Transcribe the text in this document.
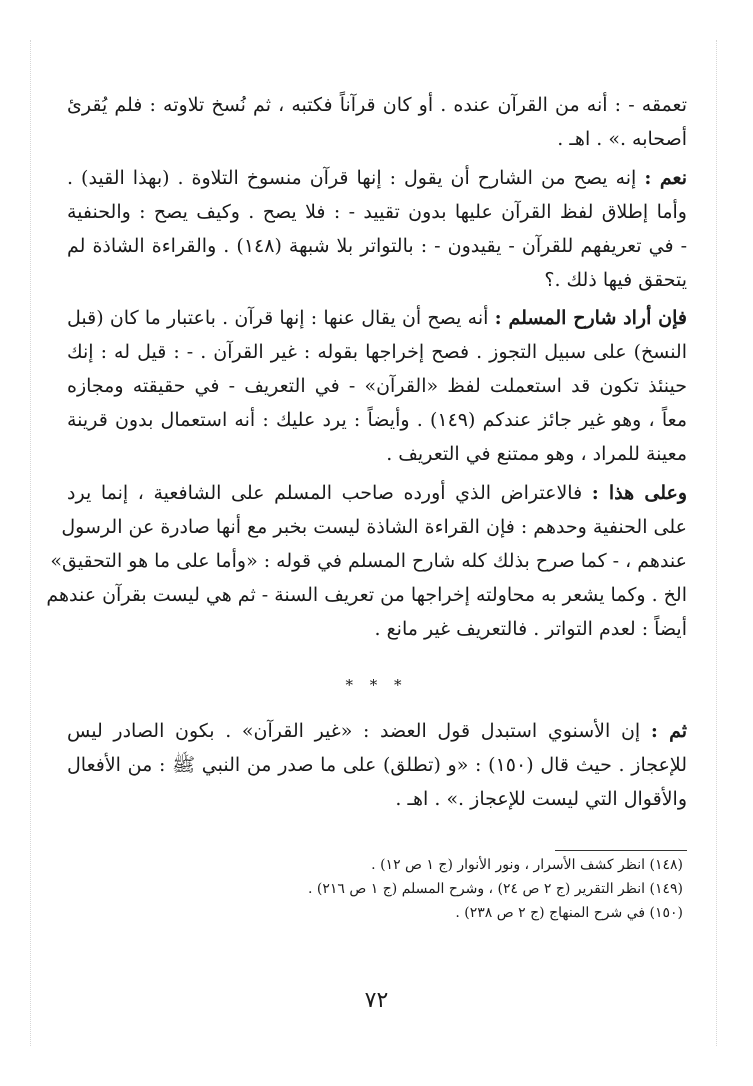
تعمقه - : أنه من القرآن عنده . أو كان قرآناً فكتبه ، ثم نُسخ تلاوته : فلم يُقرئ
أصحابه .» . اهـ .
نعم : إنه يصح من الشارح أن يقول : إنها قرآن منسوخ التلاوة . (بهذا القيد) .
وأما إطلاق لفظ القرآن عليها بدون تقييد - : فلا يصح . وكيف يصح : والحنفية
- في تعريفهم للقرآن - يقيدون - : بالتواتر بلا شبهة (١٤٨) . والقراءة الشاذة لم
يتحقق فيها ذلك .؟
فإن أراد شارح المسلم : أنه يصح أن يقال عنها : إنها قرآن . باعتبار ما كان (قبل
النسخ) على سبيل التجوز . فصح إخراجها بقوله : غير القرآن . - : قيل له : إنك
حينئذ تكون قد استعملت لفظ «القرآن» - في التعريف - في حقيقته ومجازه
معاً ، وهو غير جائز عندكم (١٤٩) . وأيضاً : يرد عليك : أنه استعمال بدون قرينة
معينة للمراد ، وهو ممتنع في التعريف .
وعلى هذا : فالاعتراض الذي أورده صاحب المسلم على الشافعية ، إنما يرد
على الحنفية وحدهم : فإن القراءة الشاذة ليست بخبر مع أنها صادرة عن الرسول
عندهم ، - كما صرح بذلك كله شارح المسلم في قوله : «وأما على ما هو التحقيق»
الخ . وكما يشعر به محاولته إخراجها من تعريف السنة - ثم هي ليست بقرآن عندهم
أيضاً : لعدم التواتر . فالتعريف غير مانع .
* * *
ثم : إن الأسنوي استبدل قول العضد : «غير القرآن» . بكون الصادر ليس
للإعجاز . حيث قال (١٥٠) : «و (تطلق) على ما صدر من النبي ﷺ : من الأفعال
والأقوال التي ليست للإعجاز .» . اهـ .
(١٤٨) انظر كشف الأسرار ، ونور الأنوار (ج ١ ص ١٢) .
(١٤٩) انظر التقرير (ج ٢ ص ٢٤) ، وشرح المسلم (ج ١ ص ٢١٦) .
(١٥٠) في شرح المنهاج (ج ٢ ص ٢٣٨) .
٧٢
